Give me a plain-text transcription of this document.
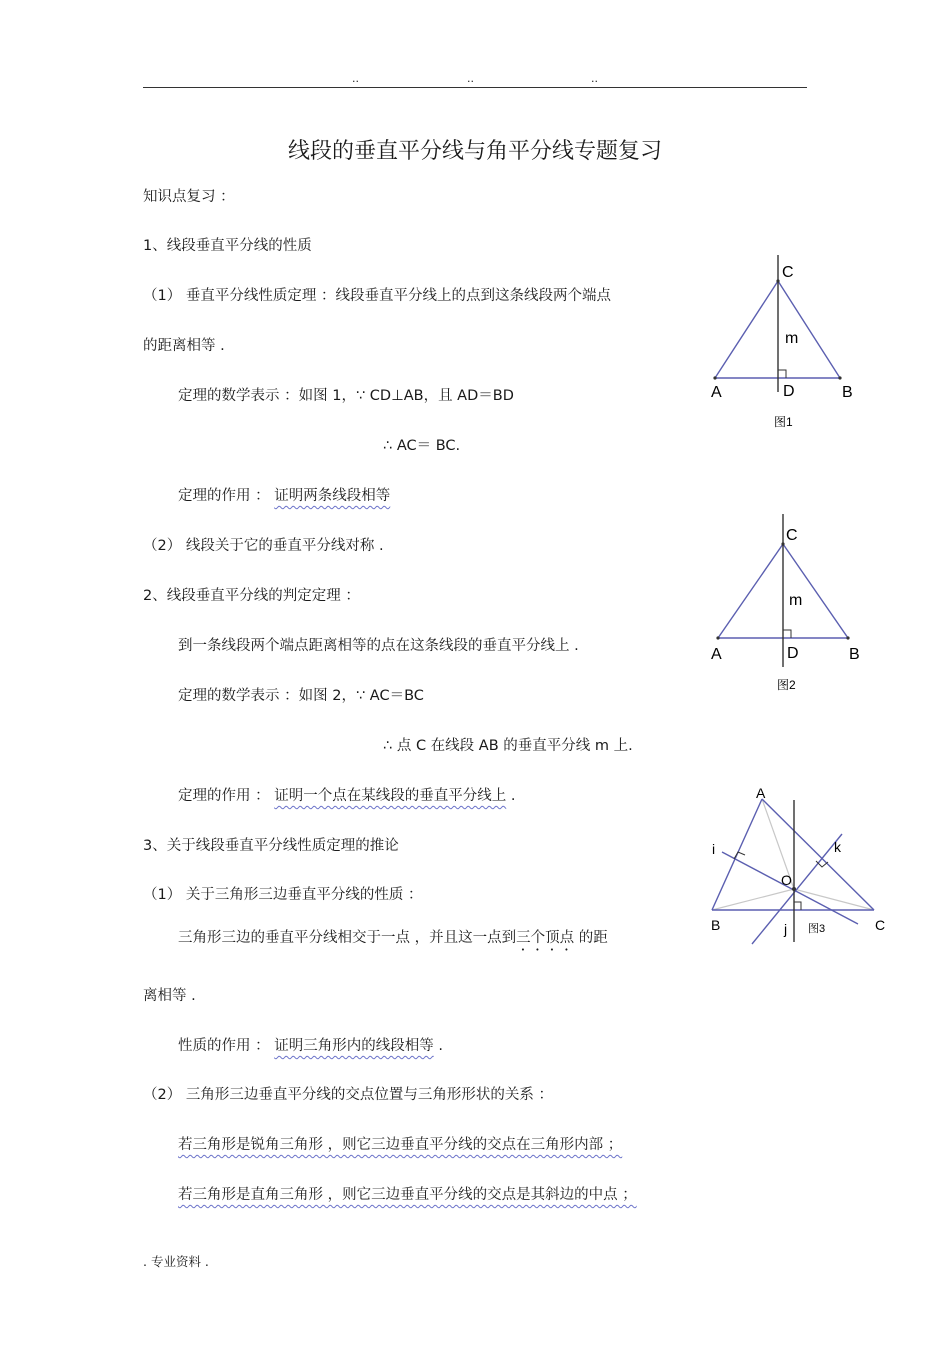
..	..	..
线段的垂直平分线与角平分线专题复习
知识点复习 ：
1、线段垂直平分线的性质
（1） 垂直平分线性质定理 ：线段垂直平分线上的点到这条线段两个端点
的距离相等 .
定理的数学表示 ：如图 1，∵ CD⊥AB，且 AD＝BD
∴ AC＝ BC.
定理的作用 ： 证明两条线段相等
（2） 线段关于它的垂直平分线对称 .
2、线段垂直平分线的判定定理 ：
到一条线段两个端点距离相等的点在这条线段的垂直平分线上 .
定理的数学表示 ：如图 2，∵ AC＝BC
∴ 点 C 在线段 AB 的垂直平分线 m 上.
定理的作用 ： 证明一个点在某线段的垂直平分线上 .
3、关于线段垂直平分线性质定理的推论
（1） 关于三角形三边垂直平分线的性质 ：
三角形三边的垂直平分线相交于一点 ，并且这一点到三个顶点 的距
离相等 .
性质的作用 ： 证明三角形内的线段相等 .
（2） 三角形三边垂直平分线的交点位置与三角形形状的关系 ：
若三角形是锐角三角形 ，则它三边垂直平分线的交点在三角形内部 ；
若三角形是直角三角形 ，则它三边垂直平分线的交点是其斜边的中点 ；
. 专业资料 .
C
m
A	D	B
图1
C
m
A	D	B
图2
A
i	k
O
B	j	C
图3
